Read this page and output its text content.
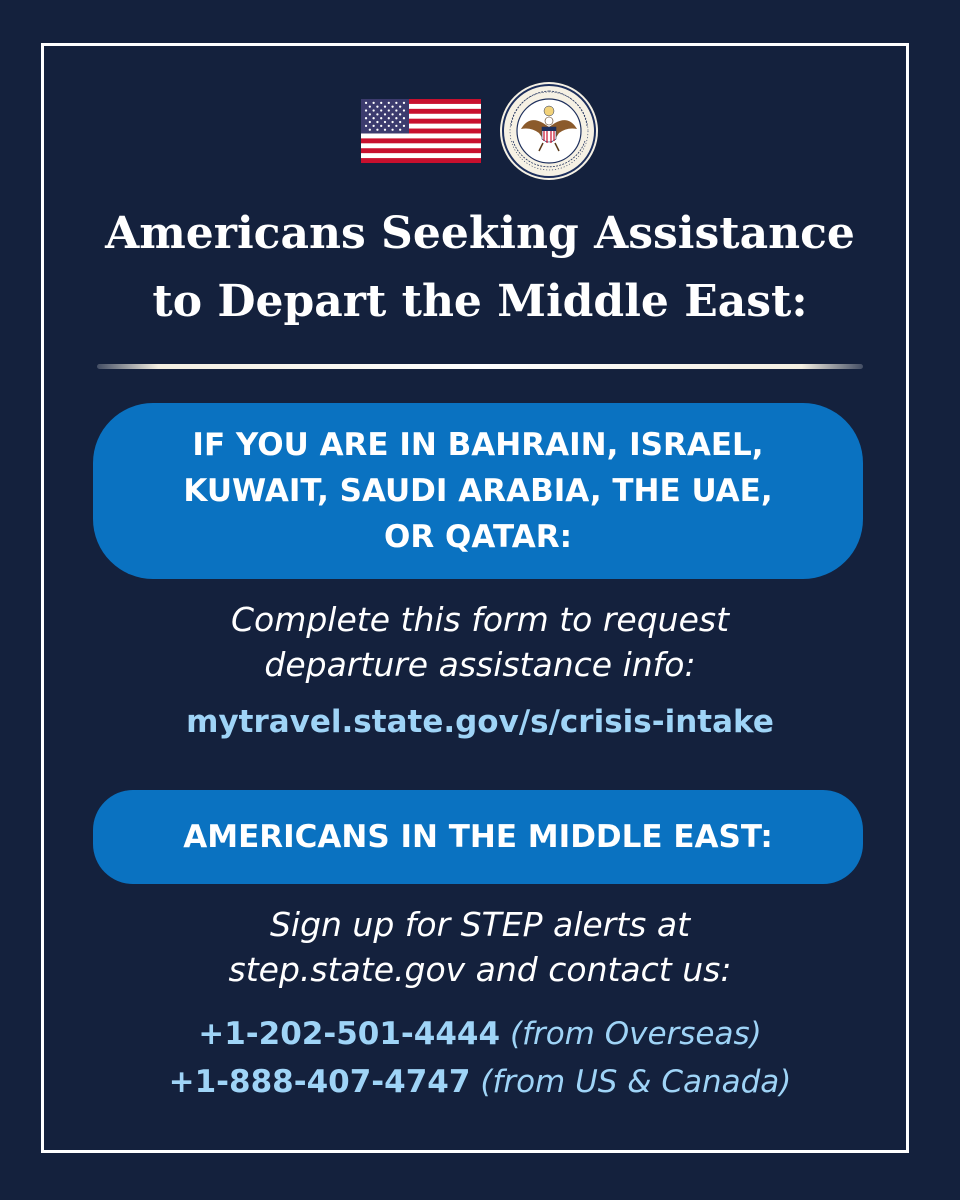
Americans Seeking Assistance
to Depart the Middle East:
IF YOU ARE IN BAHRAIN, ISRAEL,
KUWAIT, SAUDI ARABIA, THE UAE,
OR QATAR:

Complete this form to request
departure assistance info:

mytravel.state.gov/s/crisis-intake
AMERICANS IN THE MIDDLE EAST:

Sign up for STEP alerts at
step.state.gov and contact us:

+1-202-501-4444 (from Overseas)
+1-888-407-4747 (from US & Canada)
